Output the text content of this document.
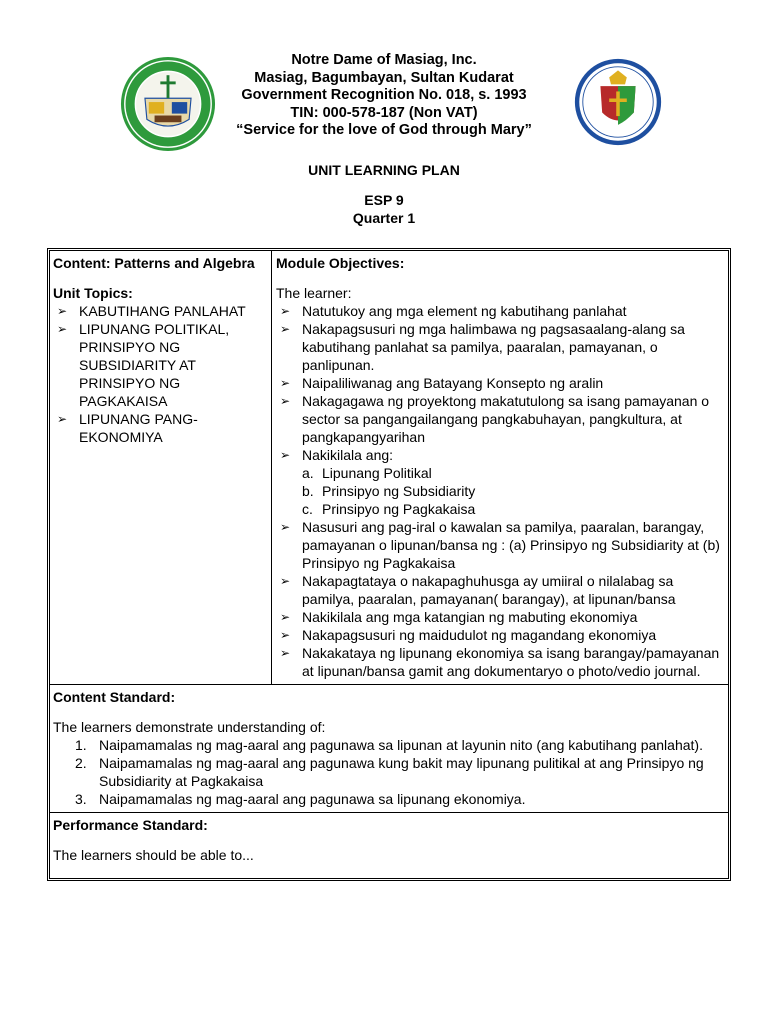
Notre Dame of Masiag, Inc.
Masiag, Bagumbayan, Sultan Kudarat
Government Recognition No. 018, s. 1993
TIN: 000-578-187 (Non VAT)
“Service for the love of God through Mary”
UNIT LEARNING PLAN
ESP 9
Quarter 1
Content: Patterns and Algebra
Unit Topics:
➢ KABUTIHANG PANLAHAT
➢ LIPUNANG POLITIKAL, PRINSIPYO NG SUBSIDIARITY AT PRINSIPYO NG PAGKAKAISA
➢ LIPUNANG PANG-EKONOMIYA
Module Objectives:
The learner:
➢ Natutukoy ang mga element ng kabutihang panlahat
➢ Nakapagsusuri ng mga halimbawa ng pagsasaalang-alang sa kabutihang panlahat sa pamilya, paaralan, pamayanan, o panlipunan.
➢ Naipaliliwanag ang Batayang Konsepto ng aralin
➢ Nakagagawa ng proyektong makatutulong sa isang pamayanan o sector sa pangangailangang pangkabuhayan, pangkultura, at pangkapangyarihan
➢ Nakikilala ang:
a. Lipunang Politikal
b. Prinsipyo ng Subsidiarity
c. Prinsipyo ng Pagkakaisa
➢ Nasusuri ang pag-iral o kawalan sa pamilya, paaralan, barangay, pamayanan o lipunan/bansa ng : (a) Prinsipyo ng Subsidiarity at (b) Prinsipyo ng Pagkakaisa
➢ Nakapagtataya o nakapaghuhusga ay umiiral o nilalabag sa pamilya, paaralan, pamayanan( barangay), at lipunan/bansa
➢ Nakikilala ang mga katangian ng mabuting ekonomiya
➢ Nakapagsusuri ng maidudulot ng magandang ekonomiya
➢ Nakakataya ng lipunang ekonomiya sa isang barangay/pamayanan at lipunan/bansa gamit ang dokumentaryo o photo/vedio journal.
Content Standard:
The learners demonstrate understanding of:
1. Naipamamalas ng mag-aaral ang pagunawa sa lipunan at layunin nito (ang kabutihang panlahat).
2. Naipamamalas ng mag-aaral ang pagunawa kung bakit may lipunang pulitikal at ang Prinsipyo ng Subsidiarity at Pagkakaisa
3. Naipamamalas ng mag-aaral ang pagunawa sa lipunang ekonomiya.
Performance Standard:
The learners should be able to...
